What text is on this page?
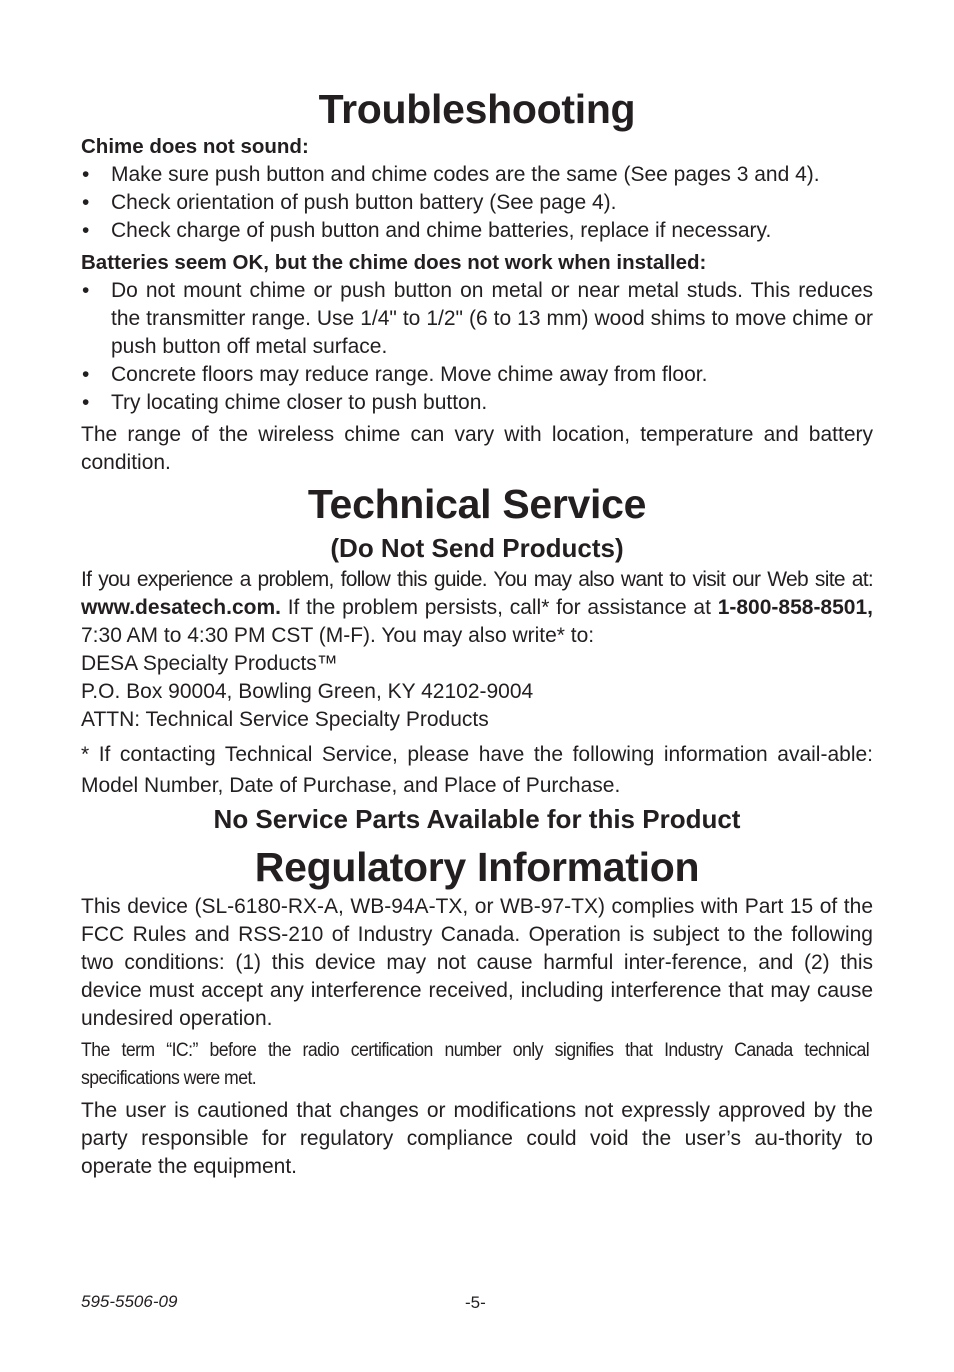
Troubleshooting

Chime does not sound:

• Make sure push button and chime codes are the same (See pages 3 and 4).
• Check orientation of push button battery (See page 4).
• Check charge of push button and chime batteries, replace if necessary.

Batteries seem OK, but the chime does not work when installed:

• Do not mount chime or push button on metal or near metal studs. This reduces the transmitter range. Use 1/4" to 1/2" (6 to 13 mm) wood shims to move chime or push button off metal surface.
• Concrete floors may reduce range. Move chime away from floor.
• Try locating chime closer to push button.

The range of the wireless chime can vary with location, temperature and battery condition.

Technical Service
(Do Not Send Products)

If you experience a problem, follow this guide. You may also want to visit our Web site at: www.desatech.com. If the problem persists, call* for assistance at 1-800-858-8501, 7:30 AM to 4:30 PM CST (M-F). You may also write* to:

DESA Specialty Products™

P.O. Box 90004, Bowling Green, KY 42102-9004

ATTN: Technical Service Specialty Products

* If contacting Technical Service, please have the following information avail-able: Model Number, Date of Purchase, and Place of Purchase.

No Service Parts Available for this Product
Regulatory Information

This device (SL-6180-RX-A, WB-94A-TX, or WB-97-TX) complies with Part 15 of the FCC Rules and RSS-210 of Industry Canada. Operation is subject to the following two conditions: (1) this device may not cause harmful inter-ference, and (2) this device must accept any interference received, including interference that may cause undesired operation.

The term “IC:” before the radio certification number only signifies that Industry Canada technical specifications were met.

The user is cautioned that changes or modifications not expressly approved by the party responsible for regulatory compliance could void the user’s au-thority to operate the equipment.

595-5506-09	-5-
